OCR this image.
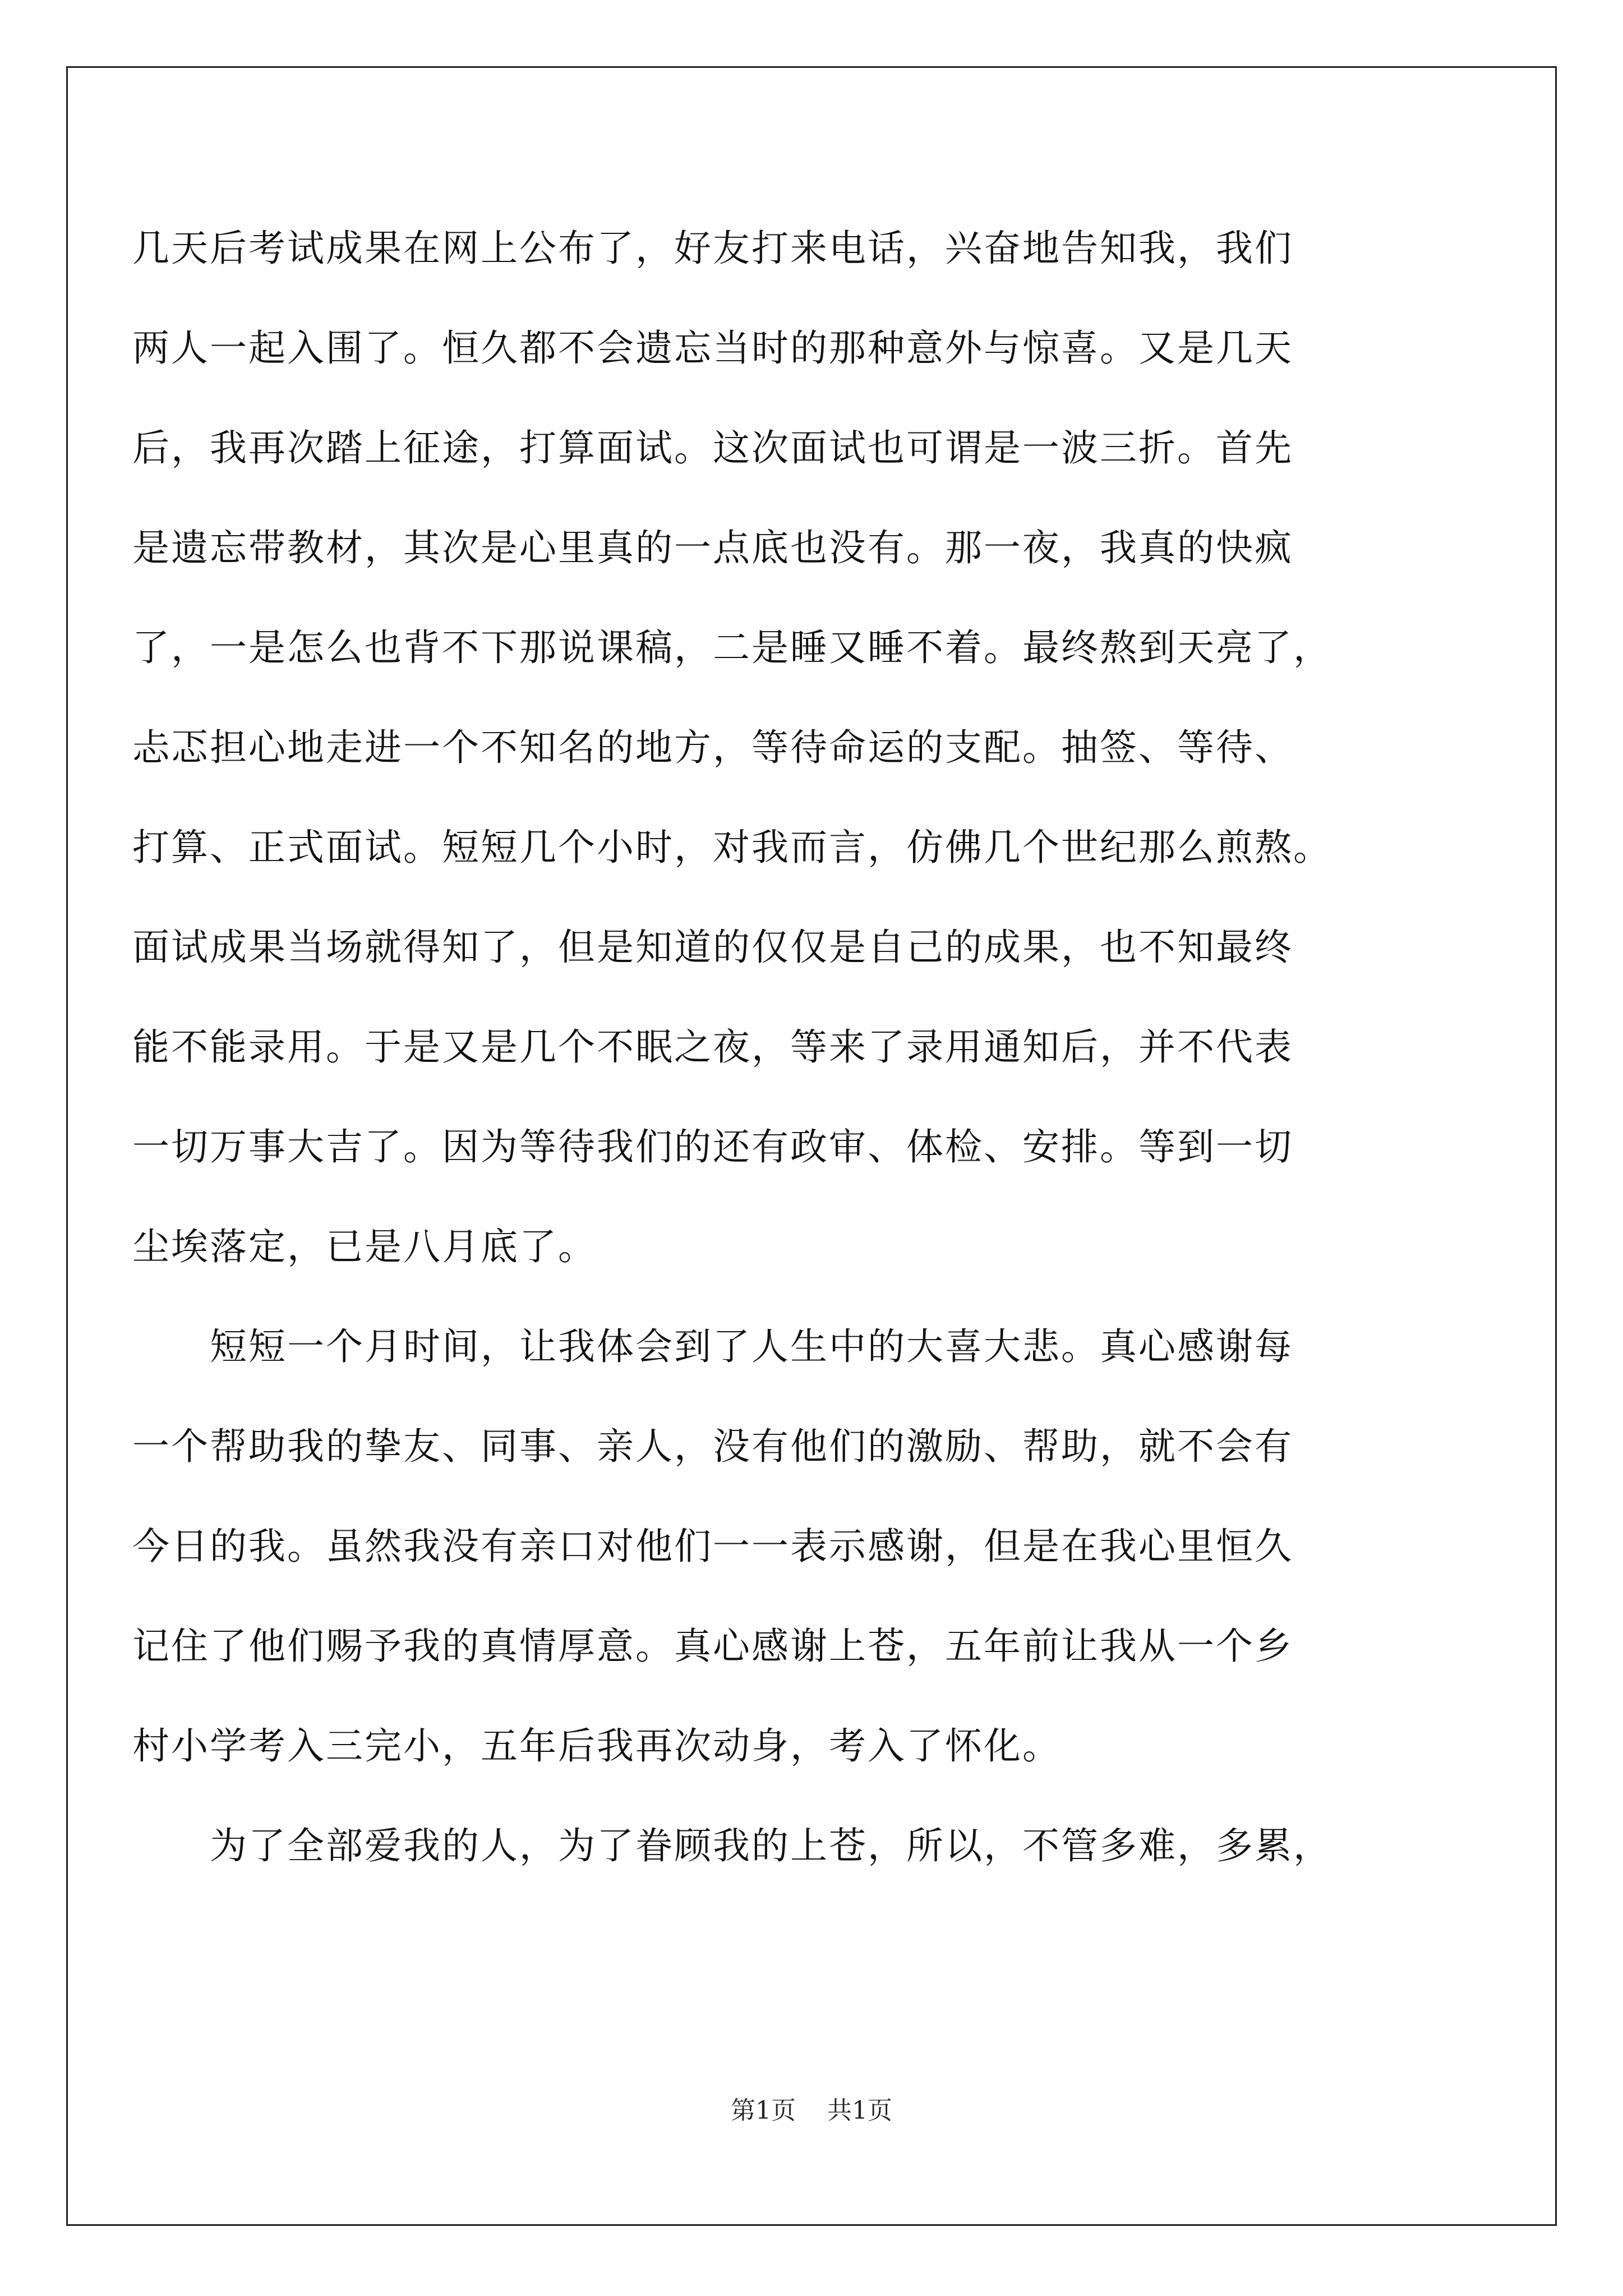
几天后考试成果在网上公布了，好友打来电话，兴奋地告知我，我们
两人一起入围了。恒久都不会遗忘当时的那种意外与惊喜。又是几天
后，我再次踏上征途，打算面试。这次面试也可谓是一波三折。首先
是遗忘带教材，其次是心里真的一点底也没有。那一夜，我真的快疯
了，一是怎么也背不下那说课稿，二是睡又睡不着。最终熬到天亮了，
忐忑担心地走进一个不知名的地方，等待命运的支配。抽签、等待、
打算、正式面试。短短几个小时，对我而言，仿佛几个世纪那么煎熬。
面试成果当场就得知了，但是知道的仅仅是自己的成果，也不知最终
能不能录用。于是又是几个不眠之夜，等来了录用通知后，并不代表
一切万事大吉了。因为等待我们的还有政审、体检、安排。等到一切
尘埃落定，已是八月底了。
短短一个月时间，让我体会到了人生中的大喜大悲。真心感谢每
一个帮助我的挚友、同事、亲人，没有他们的激励、帮助，就不会有
今日的我。虽然我没有亲口对他们一一表示感谢，但是在我心里恒久
记住了他们赐予我的真情厚意。真心感谢上苍，五年前让我从一个乡
村小学考入三完小，五年后我再次动身，考入了怀化。
为了全部爱我的人，为了眷顾我的上苍，所以，不管多难，多累，
第1页 共1页
